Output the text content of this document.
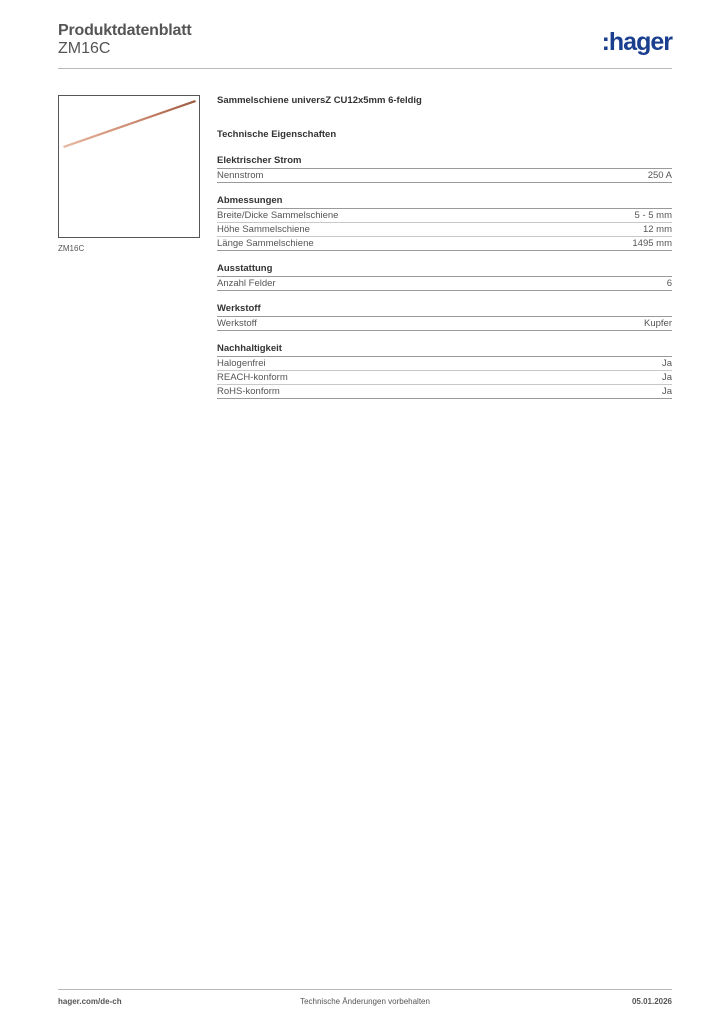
Produktdatenblatt
ZM16C	:hager
ZM16C
Sammelschiene universZ CU12x5mm 6-feldig
Technische Eigenschaften
Elektrischer Strom
Nennstrom	250 A
Abmessungen
Breite/Dicke Sammelschiene	5 - 5 mm
Höhe Sammelschiene	12 mm
Länge Sammelschiene	1495 mm
Ausstattung
Anzahl Felder	6
Werkstoff
Werkstoff	Kupfer
Nachhaltigkeit
Halogenfrei	Ja
REACH-konform	Ja
RoHS-konform	Ja
hager.com/de-ch	Technische Änderungen vorbehalten	05.01.2026
